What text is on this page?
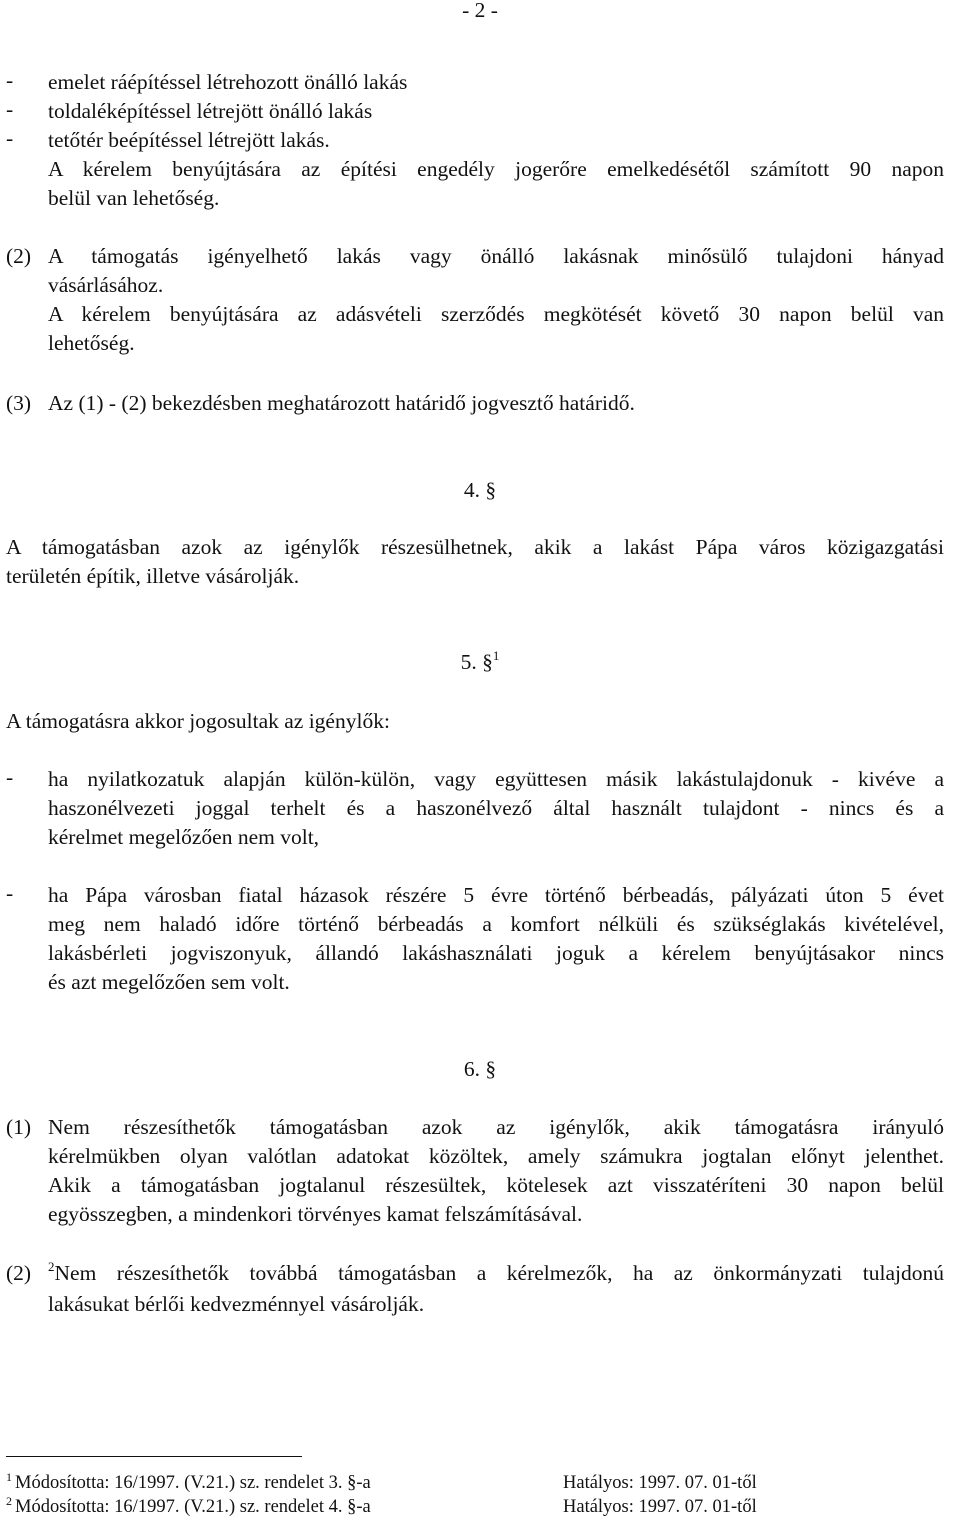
- 2 -
- emelet ráépítéssel létrehozott önálló lakás
- toldaléképítéssel létrejött önálló lakás
- tetőtér beépítéssel létrejött lakás.
A kérelem benyújtására az építési engedély jogerőre emelkedésétől számított 90 napon
belül van lehetőség.
(2) A támogatás igényelhető lakás vagy önálló lakásnak minősülő tulajdoni hányad
vásárlásához.
A kérelem benyújtására az adásvételi szerződés megkötését követő 30 napon belül van
lehetőség.
(3) Az (1) - (2) bekezdésben meghatározott határidő jogvesztő határidő.
4. §
A támogatásban azok az igénylők részesülhetnek, akik a lakást Pápa város közigazgatási
területén építik, illetve vásárolják.
5. §$^1$
A támogatásra akkor jogosultak az igénylők:
- ha nyilatkozatuk alapján külön-külön, vagy együttesen másik lakástulajdonuk - kivéve a
haszonélvezeti joggal terhelt és a haszonélvező által használt tulajdont - nincs és a
kérelmet megelőzően nem volt,
- ha Pápa városban fiatal házasok részére 5 évre történő bérbeadás, pályázati úton 5 évet
meg nem haladó időre történő bérbeadás a komfort nélküli és szükséglakás kivételével,
lakásbérleti jogviszonyuk, állandó lakáshasználati joguk a kérelem benyújtásakor nincs
és azt megelőzően sem volt.
6. §
(1) Nem részesíthetők támogatásban azok az igénylők, akik támogatásra irányuló
kérelmükben olyan valótlan adatokat közöltek, amely számukra jogtalan előnyt jelenthet.
Akik a támogatásban jogtalanul részesültek, kötelesek azt visszatéríteni 30 napon belül
egyösszegben, a mindenkori törvényes kamat felszámításával.
(2) $^2$Nem részesíthetők továbbá támogatásban a kérelmezők, ha az önkormányzati tulajdonú
lakásukat bérlői kedvezménnyel vásárolják.
$^1$ Módosította: 16/1997. (V.21.) sz. rendelet 3. §-a	Hatályos: 1997. 07. 01-től
$^2$ Módosította: 16/1997. (V.21.) sz. rendelet 4. §-a	Hatályos: 1997. 07. 01-től
